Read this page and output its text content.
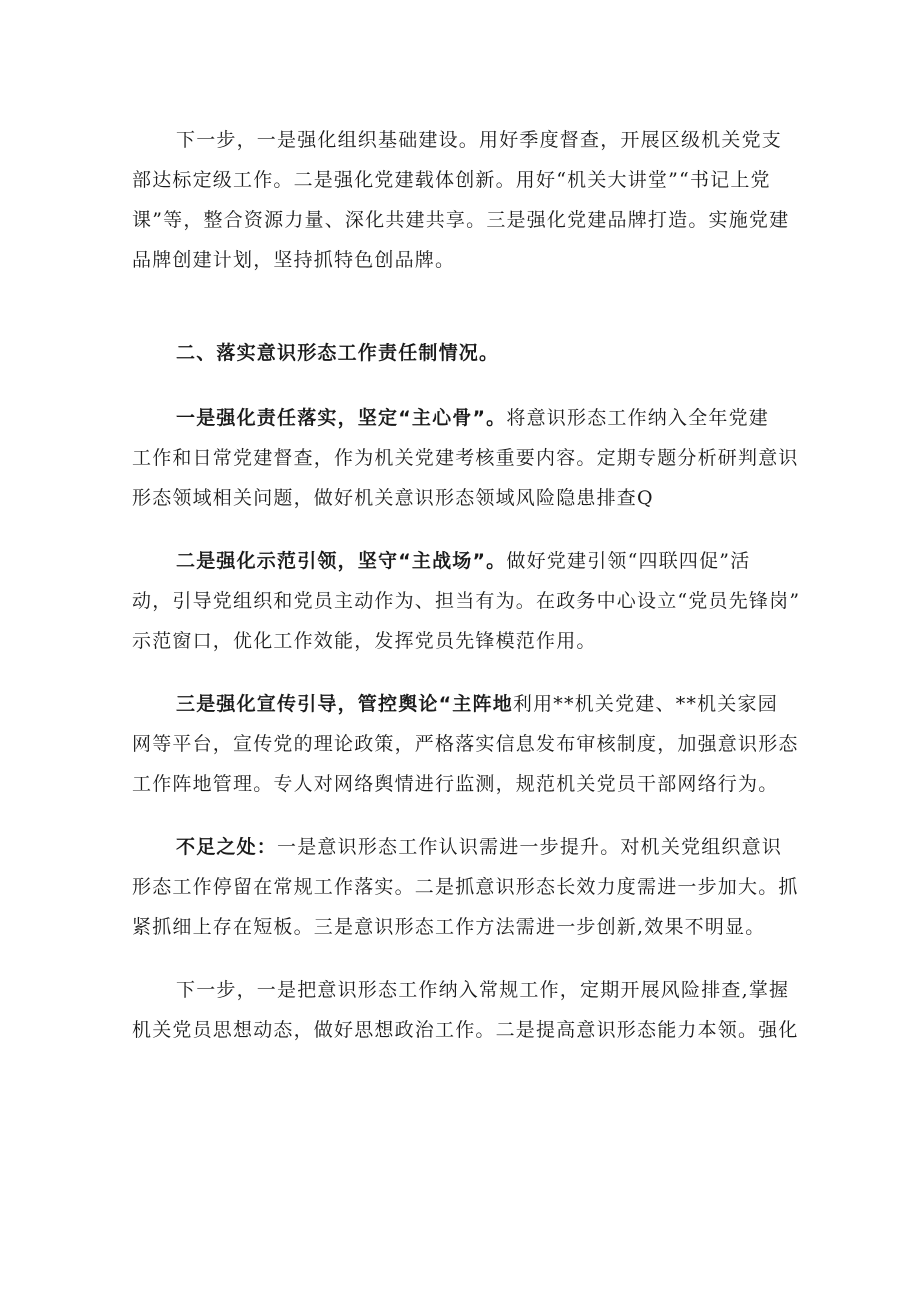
下一步，一是强化组织基础建设。用好季度督查，开展区级机关党支
部达标定级工作。二是强化党建载体创新。用好“机关大讲堂”“书记上党
课”等，整合资源力量、深化共建共享。三是强化党建品牌打造。实施党建
品牌创建计划，坚持抓特色创品牌。
二、落实意识形态工作责任制情况。
一是强化责任落实，坚定“主心骨”。将意识形态工作纳入全年党建
工作和日常党建督查，作为机关党建考核重要内容。定期专题分析研判意识
形态领域相关问题，做好机关意识形态领域风险隐患排查Q
二是强化示范引领，坚守“主战场”。做好党建引领“四联四促”活
动，引导党组织和党员主动作为、担当有为。在政务中心设立“党员先锋岗”
示范窗口，优化工作效能，发挥党员先锋模范作用。
三是强化宣传引导，管控舆论“主阵地利用**机关党建、**机关家园
网等平台，宣传党的理论政策，严格落实信息发布审核制度，加强意识形态
工作阵地管理。专人对网络舆情进行监测，规范机关党员干部网络行为。
不足之处：一是意识形态工作认识需进一步提升。对机关党组织意识
形态工作停留在常规工作落实。二是抓意识形态长效力度需进一步加大。抓
紧抓细上存在短板。三是意识形态工作方法需进一步创新,效果不明显。
下一步，一是把意识形态工作纳入常规工作，定期开展风险排查,掌握
机关党员思想动态，做好思想政治工作。二是提高意识形态能力本领。强化
